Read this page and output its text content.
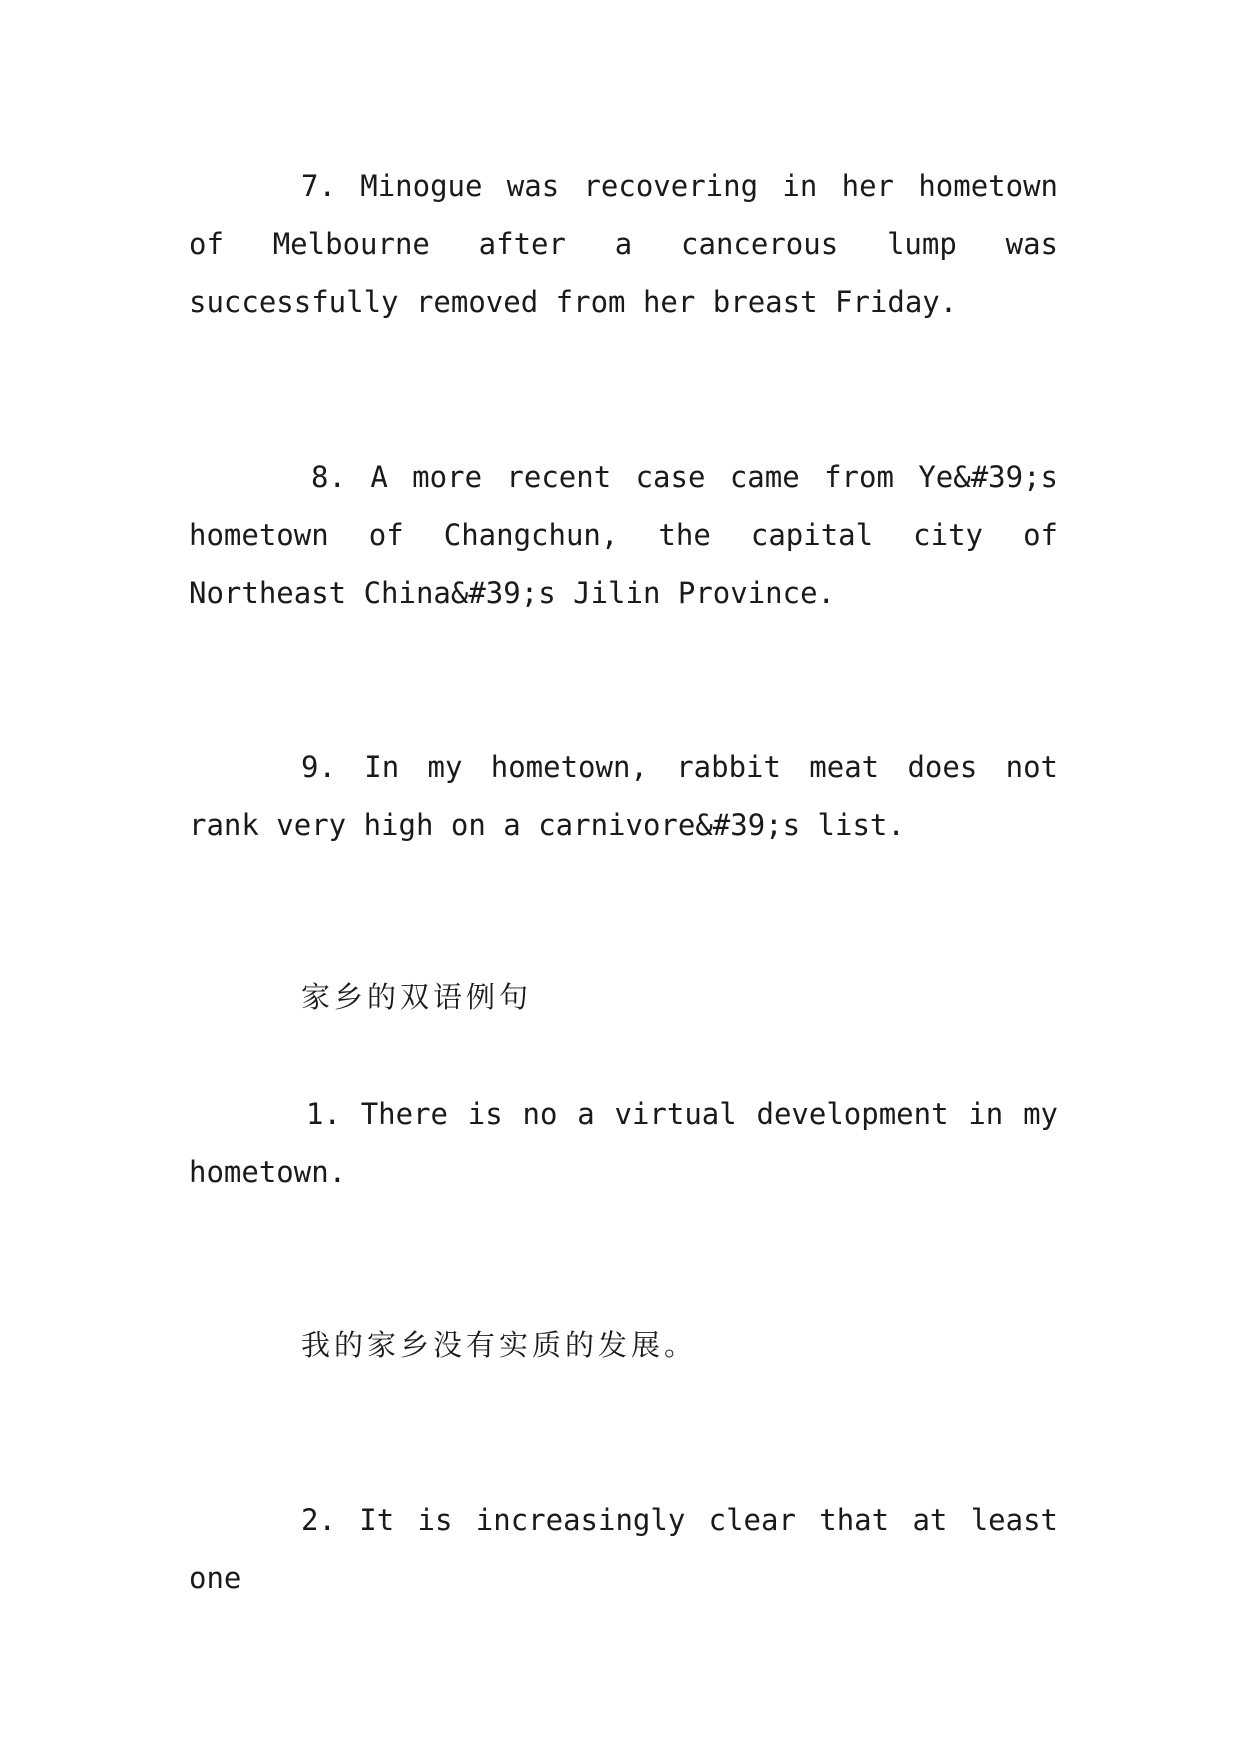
7. Minogue was recovering in her hometown of Melbourne after a cancerous lump was successfully removed from her breast Friday.

8. A more recent case came from Ye&#39;s hometown of Changchun, the capital city of Northeast China&#39;s Jilin Province.

9. In my hometown, rabbit meat does not rank very high on a carnivore&#39;s list.

家乡的双语例句

1. There is no a virtual development in my hometown.

我的家乡没有实质的发展。

2. It is increasingly clear that at least one
